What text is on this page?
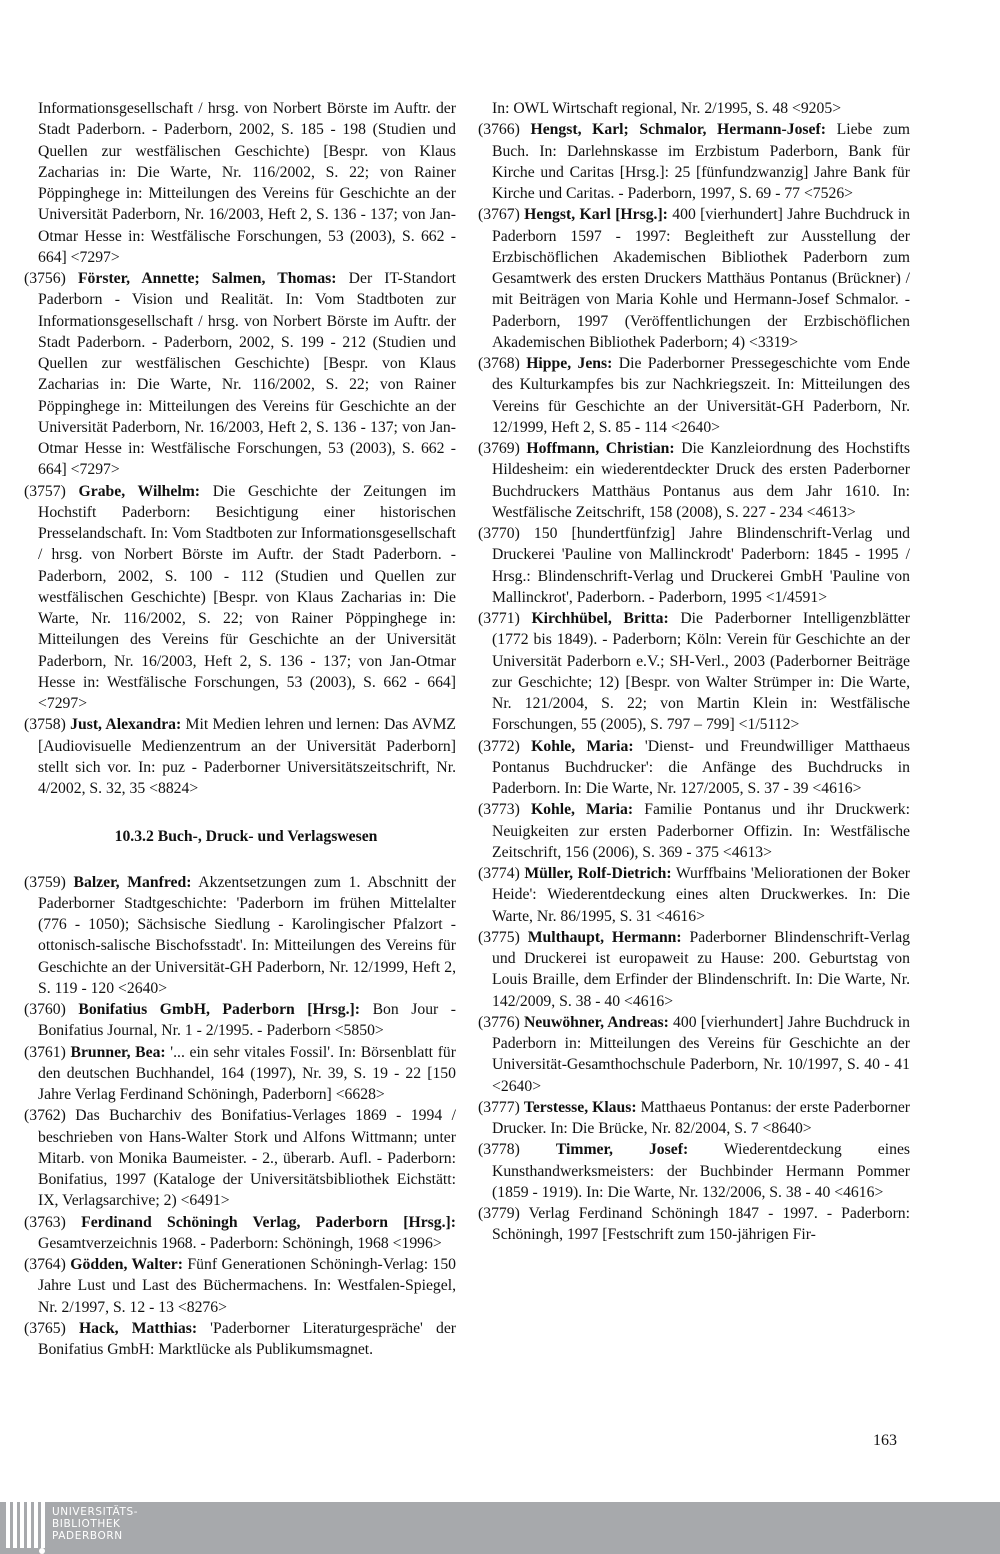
Informationsgesellschaft / hrsg. von Norbert Börste im Auftr. der Stadt Paderborn. - Paderborn, 2002, S. 185 - 198 (Studien und Quellen zur westfälischen Geschichte) [Bespr. von Klaus Zacharias in: Die Warte, Nr. 116/2002, S. 22; von Rainer Pöppinghege in: Mitteilungen des Vereins für Geschichte an der Universität Paderborn, Nr. 16/2003, Heft 2, S. 136 - 137; von Jan-Otmar Hesse in: Westfälische Forschungen, 53 (2003), S. 662 - 664] <7297>

(3756) Förster, Annette; Salmen, Thomas: Der IT-Standort Paderborn - Vision und Realität. In: Vom Stadtboten zur Informationsgesellschaft / hrsg. von Norbert Börste im Auftr. der Stadt Paderborn. - Paderborn, 2002, S. 199 - 212 (Studien und Quellen zur westfälischen Geschichte) [Bespr. von Klaus Zacharias in: Die Warte, Nr. 116/2002, S. 22; von Rainer Pöppinghege in: Mitteilungen des Vereins für Geschichte an der Universität Paderborn, Nr. 16/2003, Heft 2, S. 136 - 137; von Jan-Otmar Hesse in: Westfälische Forschungen, 53 (2003), S. 662 - 664] <7297>

(3757) Grabe, Wilhelm: Die Geschichte der Zeitungen im Hochstift Paderborn: Besichtigung einer historischen Presselandschaft. In: Vom Stadtboten zur Informationsgesellschaft / hrsg. von Norbert Börste im Auftr. der Stadt Paderborn. - Paderborn, 2002, S. 100 - 112 (Studien und Quellen zur westfälischen Geschichte) [Bespr. von Klaus Zacharias in: Die Warte, Nr. 116/2002, S. 22; von Rainer Pöppinghege in: Mitteilungen des Vereins für Geschichte an der Universität Paderborn, Nr. 16/2003, Heft 2, S. 136 - 137; von Jan-Otmar Hesse in: Westfälische Forschungen, 53 (2003), S. 662 - 664] <7297>

(3758) Just, Alexandra: Mit Medien lehren und lernen: Das AVMZ [Audiovisuelle Medienzentrum an der Universität Paderborn] stellt sich vor. In: puz - Paderborner Universitätszeitschrift, Nr. 4/2002, S. 32, 35 <8824>

10.3.2 Buch-, Druck- und Verlagswesen

(3759) Balzer, Manfred: Akzentsetzungen zum 1. Abschnitt der Paderborner Stadtgeschichte: 'Paderborn im frühen Mittelalter (776 - 1050); Sächsische Siedlung - Karolingischer Pfalzort - ottonisch-salische Bischofsstadt'. In: Mitteilungen des Vereins für Geschichte an der Universität-GH Paderborn, Nr. 12/1999, Heft 2, S. 119 - 120 <2640>

(3760) Bonifatius GmbH, Paderborn [Hrsg.]: Bon Jour - Bonifatius Journal, Nr. 1 - 2/1995. - Paderborn <5850>

(3761) Brunner, Bea: '... ein sehr vitales Fossil'. In: Börsenblatt für den deutschen Buchhandel, 164 (1997), Nr. 39, S. 19 - 22 [150 Jahre Verlag Ferdinand Schöningh, Paderborn] <6628>

(3762) Das Bucharchiv des Bonifatius-Verlages 1869 - 1994 / beschrieben von Hans-Walter Stork und Alfons Wittmann; unter Mitarb. von Monika Baumeister. - 2., überarb. Aufl. - Paderborn: Bonifatius, 1997 (Kataloge der Universitätsbibliothek Eichstätt: IX, Verlagsarchive; 2) <6491>

(3763) Ferdinand Schöningh Verlag, Paderborn [Hrsg.]: Gesamtverzeichnis 1968. - Paderborn: Schöningh, 1968 <1996>

(3764) Gödden, Walter: Fünf Generationen Schöningh-Verlag: 150 Jahre Lust und Last des Büchermachens. In: Westfalen-Spiegel, Nr. 2/1997, S. 12 - 13 <8276>

(3765) Hack, Matthias: 'Paderborner Literaturgespräche' der Bonifatius GmbH: Marktlücke als Publikumsmagnet.

In: OWL Wirtschaft regional, Nr. 2/1995, S. 48 <9205>

(3766) Hengst, Karl; Schmalor, Hermann-Josef: Liebe zum Buch. In: Darlehnskasse im Erzbistum Paderborn, Bank für Kirche und Caritas [Hrsg.]: 25 [fünfundzwanzig] Jahre Bank für Kirche und Caritas. - Paderborn, 1997, S. 69 - 77 <7526>

(3767) Hengst, Karl [Hrsg.]: 400 [vierhundert] Jahre Buchdruck in Paderborn 1597 - 1997: Begleitheft zur Ausstellung der Erzbischöflichen Akademischen Bibliothek Paderborn zum Gesamtwerk des ersten Druckers Matthäus Pontanus (Brückner) / mit Beiträgen von Maria Kohle und Hermann-Josef Schmalor. - Paderborn, 1997 (Veröffentlichungen der Erzbischöflichen Akademischen Bibliothek Paderborn; 4) <3319>

(3768) Hippe, Jens: Die Paderborner Pressegeschichte vom Ende des Kulturkampfes bis zur Nachkriegszeit. In: Mitteilungen des Vereins für Geschichte an der Universität-GH Paderborn, Nr. 12/1999, Heft 2, S. 85 - 114 <2640>

(3769) Hoffmann, Christian: Die Kanzleiordnung des Hochstifts Hildesheim: ein wiederentdeckter Druck des ersten Paderborner Buchdruckers Matthäus Pontanus aus dem Jahr 1610. In: Westfälische Zeitschrift, 158 (2008), S. 227 - 234 <4613>

(3770) 150 [hundertfünfzig] Jahre Blindenschrift-Verlag und Druckerei 'Pauline von Mallinckrodt' Paderborn: 1845 - 1995 / Hrsg.: Blindenschrift-Verlag und Druckerei GmbH 'Pauline von Mallinckrot', Paderborn. - Paderborn, 1995 <1/4591>

(3771) Kirchhübel, Britta: Die Paderborner Intelligenzblätter (1772 bis 1849). - Paderborn; Köln: Verein für Geschichte an der Universität Paderborn e.V.; SH-Verl., 2003 (Paderborner Beiträge zur Geschichte; 12) [Bespr. von Walter Strümper in: Die Warte, Nr. 121/2004, S. 22; von Martin Klein in: Westfälische Forschungen, 55 (2005), S. 797 – 799] <1/5112>

(3772) Kohle, Maria: 'Dienst- und Freundwilliger Matthaeus Pontanus Buchdrucker': die Anfänge des Buchdrucks in Paderborn. In: Die Warte, Nr. 127/2005, S. 37 - 39 <4616>

(3773) Kohle, Maria: Familie Pontanus und ihr Druckwerk: Neuigkeiten zur ersten Paderborner Offizin. In: Westfälische Zeitschrift, 156 (2006), S. 369 - 375 <4613>

(3774) Müller, Rolf-Dietrich: Wurffbains 'Meliorationen der Boker Heide': Wiederentdeckung eines alten Druckwerkes. In: Die Warte, Nr. 86/1995, S. 31 <4616>

(3775) Multhaupt, Hermann: Paderborner Blindenschrift-Verlag und Druckerei ist europaweit zu Hause: 200. Geburtstag von Louis Braille, dem Erfinder der Blindenschrift. In: Die Warte, Nr. 142/2009, S. 38 - 40 <4616>

(3776) Neuwöhner, Andreas: 400 [vierhundert] Jahre Buchdruck in Paderborn in: Mitteilungen des Vereins für Geschichte an der Universität-Gesamthochschule Paderborn, Nr. 10/1997, S. 40 - 41 <2640>

(3777) Terstesse, Klaus: Matthaeus Pontanus: der erste Paderborner Drucker. In: Die Brücke, Nr. 82/2004, S. 7 <8640>

(3778) Timmer, Josef: Wiederentdeckung eines Kunsthandwerksmeisters: der Buchbinder Hermann Pommer (1859 - 1919). In: Die Warte, Nr. 132/2006, S. 38 - 40 <4616>

(3779) Verlag Ferdinand Schöningh 1847 - 1997. - Paderborn: Schöningh, 1997 [Festschrift zum 150-jährigen Fir-

163
UNIVERSITÄTS-
BIBLIOTHEK
PADERBORN
